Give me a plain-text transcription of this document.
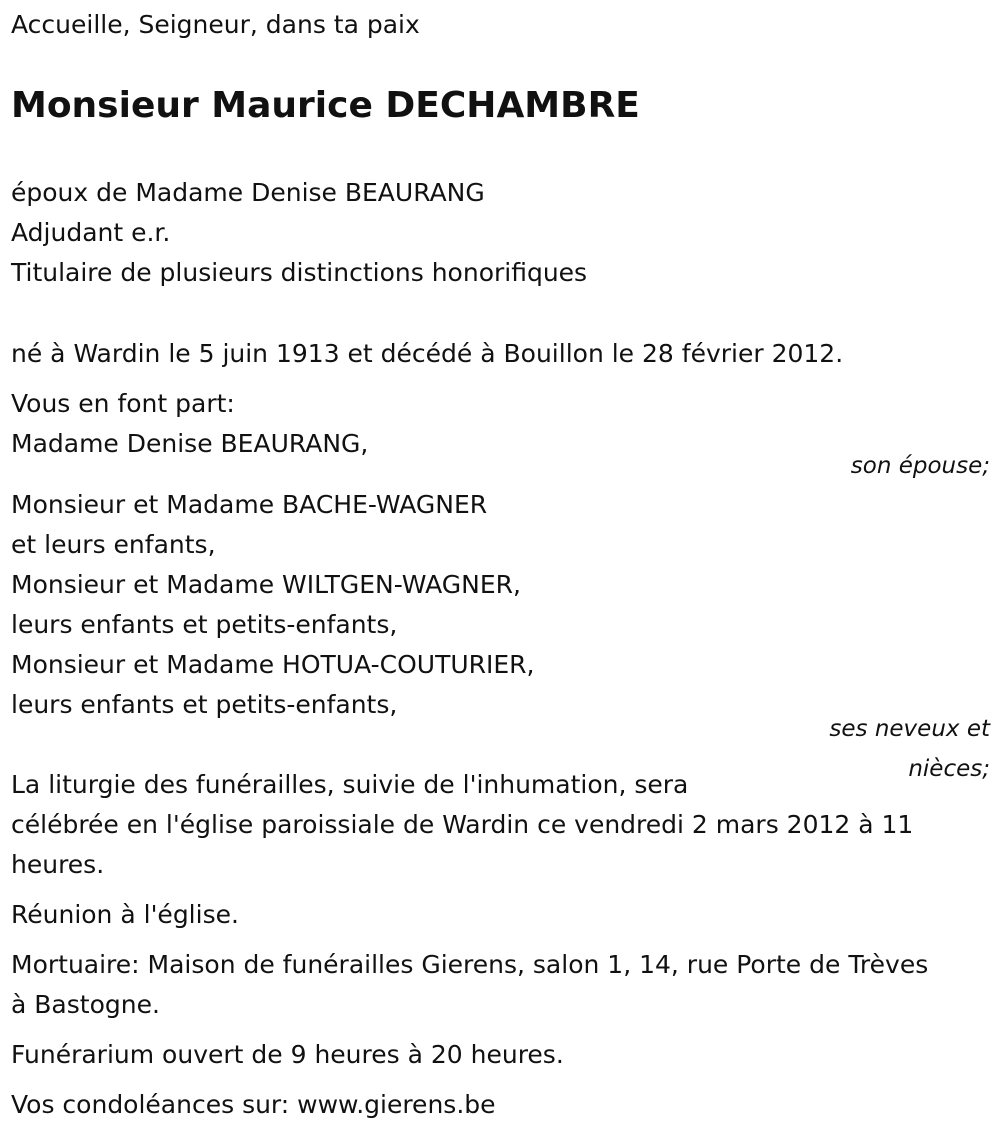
Accueille, Seigneur, dans ta paix
Monsieur Maurice DECHAMBRE
époux de Madame Denise BEAURANG
Adjudant e.r.
Titulaire de plusieurs distinctions honorifiques
né à Wardin le 5 juin 1913 et décédé à Bouillon le 28 février 2012.
Vous en font part:
Madame Denise BEAURANG,
son épouse;
Monsieur et Madame BACHE-WAGNER
et leurs enfants,
Monsieur et Madame WILTGEN-WAGNER,
leurs enfants et petits-enfants,
Monsieur et Madame HOTUA-COUTURIER,
leurs enfants et petits-enfants,
ses neveux et
nièces;
La liturgie des funérailles, suivie de l'inhumation, sera
célébrée en l'église paroissiale de Wardin ce vendredi 2 mars 2012 à 11
heures.
Réunion à l'église.
Mortuaire: Maison de funérailles Gierens, salon 1, 14, rue Porte de Trèves
à Bastogne.
Funérarium ouvert de 9 heures à 20 heures.
Vos condoléances sur: www.gierens.be
